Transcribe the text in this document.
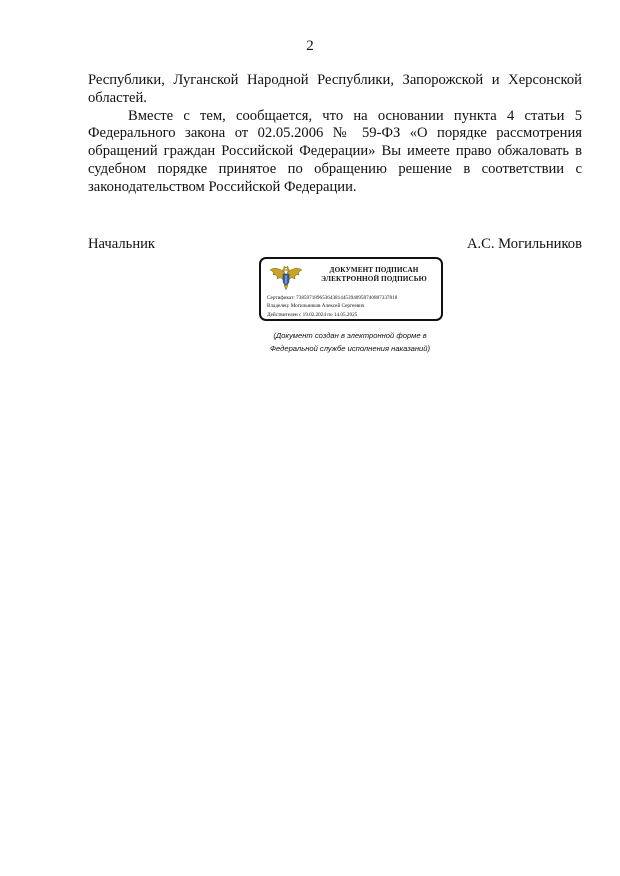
2

Республики, Луганской Народной Республики, Запорожской и Херсонской областей.

Вместе с тем, сообщается, что на основании пункта 4 статьи 5 Федерального закона от 02.05.2006 № 59-ФЗ «О порядке рассмотрения обращений граждан Российской Федерации» Вы имеете право обжаловать в судебном порядке принятое по обращению решение в соответствии с законодательством Российской Федерации.

Начальник	А.С. Могильников
ДОКУМЕНТ ПОДПИСАН
ЭЛЕКТРОННОЙ ПОДПИСЬЮ
Сертификат: 738597189653643814453940950740887337818
Владелец: Могильников Алексей Сергеевич
Действителен с 19.02.2024 по 14.05.2025
(Документ создан в электронной форме в
Федеральной службе исполнения наказаний)
